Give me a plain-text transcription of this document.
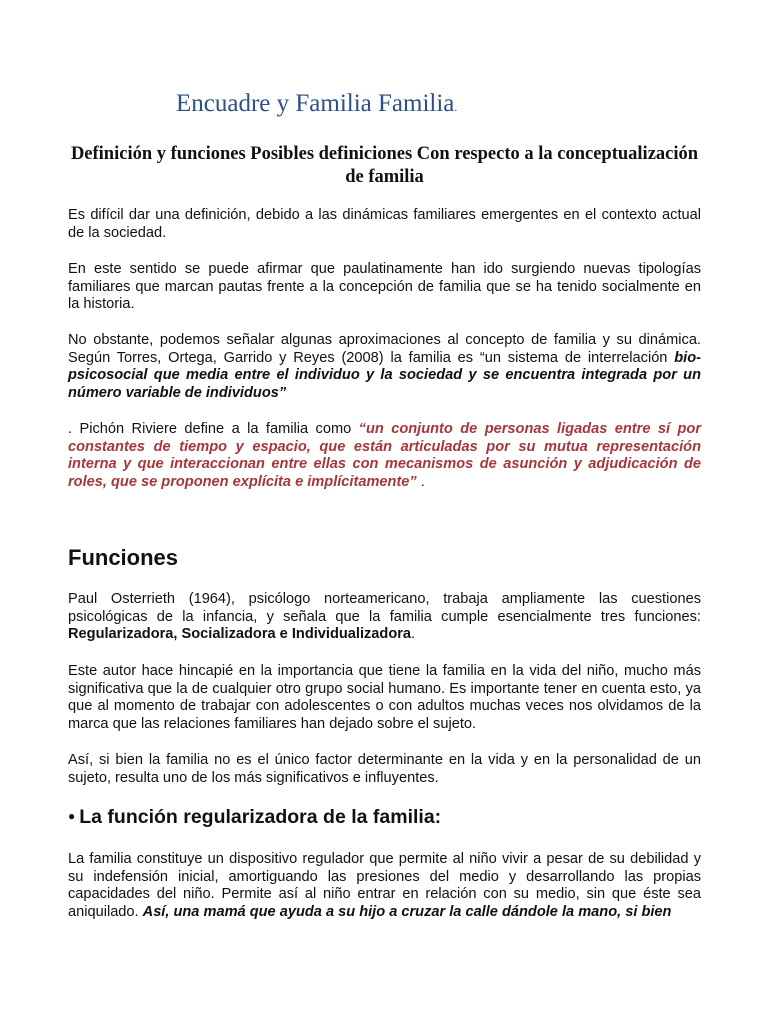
Encuadre y Familia Familia.
Definición y funciones Posibles definiciones Con respecto a la conceptualización de familia

Es difícil dar una definición, debido a las dinámicas familiares emergentes en el contexto actual de la sociedad.

En este sentido se puede afirmar que paulatinamente han ido surgiendo nuevas tipologías familiares que marcan pautas frente a la concepción de familia que se ha tenido socialmente en la historia.

No obstante, podemos señalar algunas aproximaciones al concepto de familia y su dinámica. Según Torres, Ortega, Garrido y Reyes (2008) la familia es “un sistema de interrelación bio-psicosocial que media entre el individuo y la sociedad y se encuentra integrada por un número variable de individuos”

. Pichón Riviere define a la familia como “un conjunto de personas ligadas entre sí por constantes de tiempo y espacio, que están articuladas por su mutua representación interna y que interaccionan entre ellas con mecanismos de asunción y adjudicación de roles, que se proponen explícita e implícitamente” .

Funciones

Paul Osterrieth (1964), psicólogo norteamericano, trabaja ampliamente las cuestiones psicológicas de la infancia, y señala que la familia cumple esencialmente tres funciones: Regularizadora, Socializadora e Individualizadora.

Este autor hace hincapié en la importancia que tiene la familia en la vida del niño, mucho más significativa que la de cualquier otro grupo social humano. Es importante tener en cuenta esto, ya que al momento de trabajar con adolescentes o con adultos muchas veces nos olvidamos de la marca que las relaciones familiares han dejado sobre el sujeto.

Así, si bien la familia no es el único factor determinante en la vida y en la personalidad de un sujeto, resulta uno de los más significativos e influyentes.

● La función regularizadora de la familia:

La familia constituye un dispositivo regulador que permite al niño vivir a pesar de su debilidad y su indefensión inicial, amortiguando las presiones del medio y desarrollando las propias capacidades del niño. Permite así al niño entrar en relación con su medio, sin que éste sea aniquilado. Así, una mamá que ayuda a su hijo a cruzar la calle dándole la mano, si bien
